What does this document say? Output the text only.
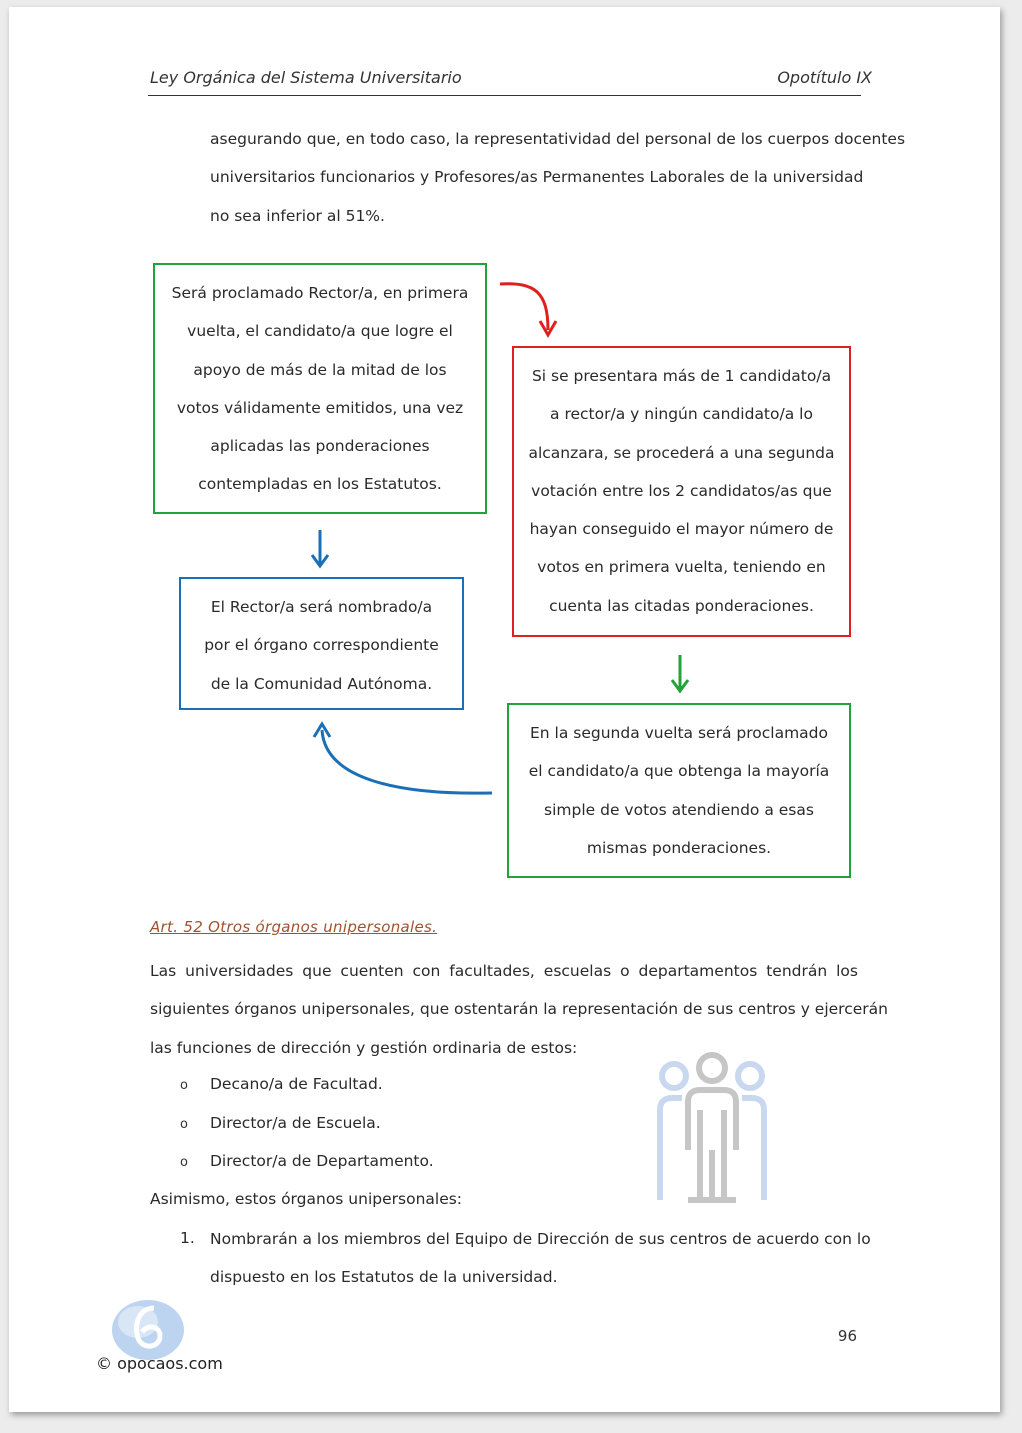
Ley Orgánica del Sistema Universitario	Opotítulo IX
asegurando que, en todo caso, la representatividad del personal de los cuerpos docentes
universitarios funcionarios y Profesores/as Permanentes Laborales de la universidad
no sea inferior al 51%.
Será proclamado Rector/a, en primera
vuelta, el candidato/a que logre el
apoyo de más de la mitad de los
votos válidamente emitidos, una vez
aplicadas las ponderaciones
contempladas en los Estatutos.
Si se presentara más de 1 candidato/a
a rector/a y ningún candidato/a lo
alcanzara, se procederá a una segunda
votación entre los 2 candidatos/as que
hayan conseguido el mayor número de
votos en primera vuelta, teniendo en
cuenta las citadas ponderaciones.
El Rector/a será nombrado/a
por el órgano correspondiente
de la Comunidad Autónoma.
En la segunda vuelta será proclamado
el candidato/a que obtenga la mayoría
simple de votos atendiendo a esas
mismas ponderaciones.
Art. 52 Otros órganos unipersonales.
Las universidades que cuenten con facultades, escuelas o departamentos tendrán los
siguientes órganos unipersonales, que ostentarán la representación de sus centros y ejercerán
las funciones de dirección y gestión ordinaria de estos:
o Decano/a de Facultad.
o Director/a de Escuela.
o Director/a de Departamento.
Asimismo, estos órganos unipersonales:
1. Nombrarán a los miembros del Equipo de Dirección de sus centros de acuerdo con lo
dispuesto en los Estatutos de la universidad.
96
© opocaos.com
